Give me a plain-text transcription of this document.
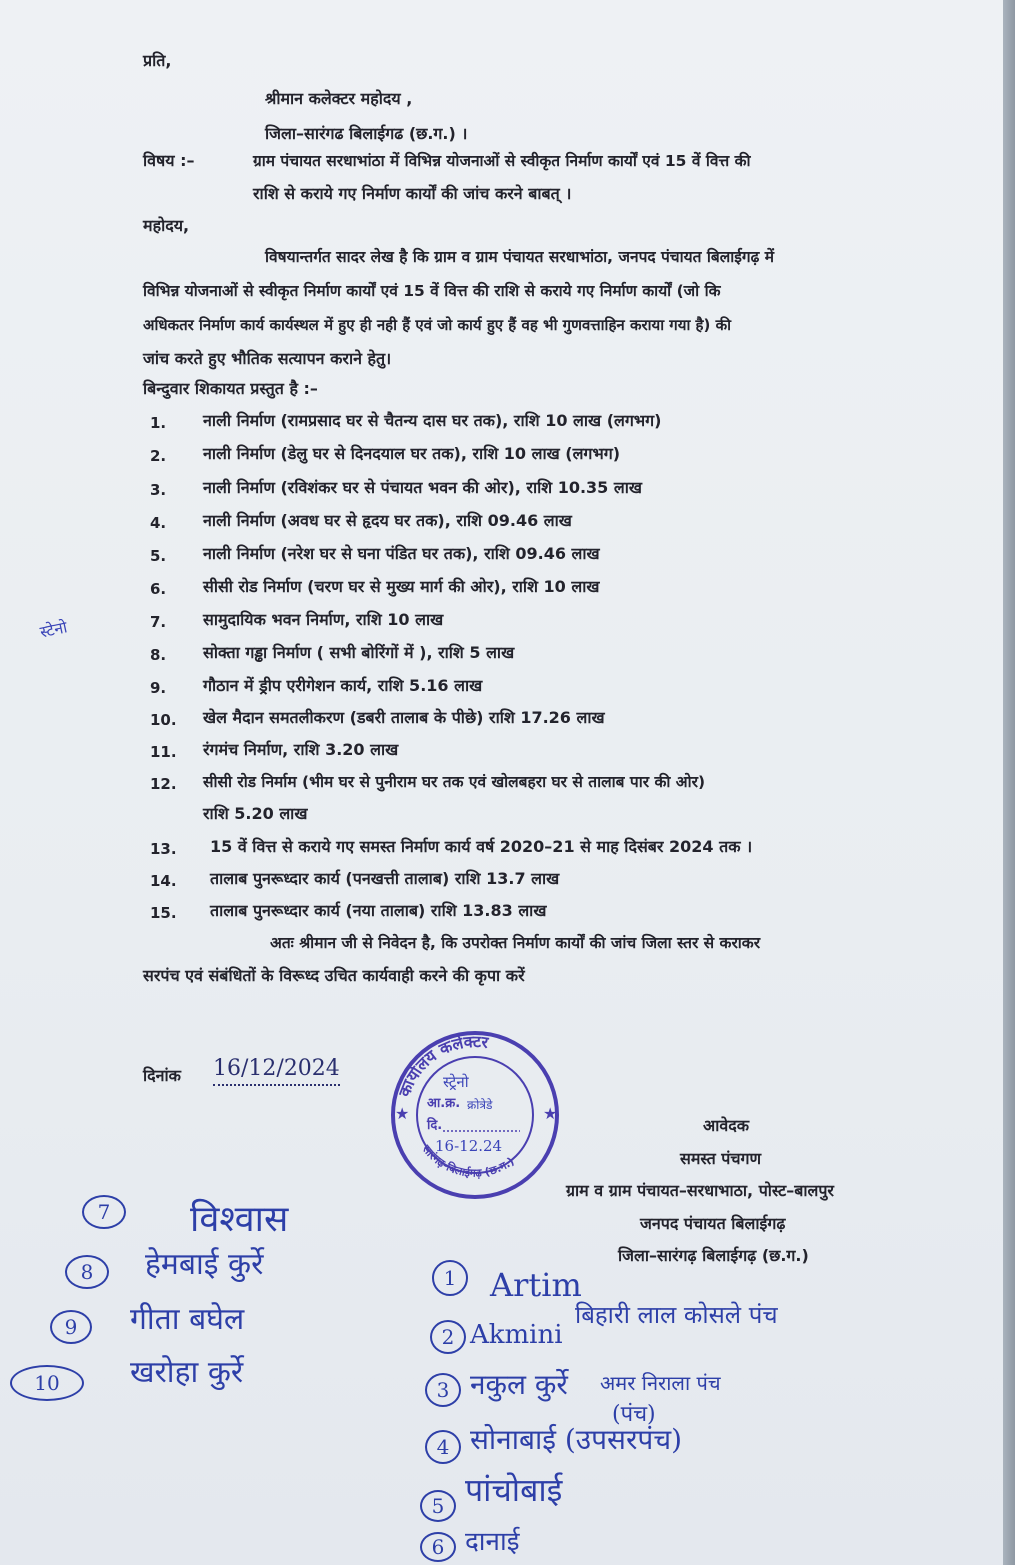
प्रति,
श्रीमान कलेक्टर महोदय ,
जिला–सारंगढ बिलाईगढ (छ.ग.) ।
विषय :–	ग्राम पंचायत सरधाभांठा में विभिन्न योजनाओं से स्वीकृत निर्माण कार्यों एवं 15 वें वित्त की
राशि से कराये गए निर्माण कार्यों की जांच करने बाबत् ।
महोदय,
विषयान्तर्गत सादर लेख है कि ग्राम व ग्राम पंचायत सरधाभांठा, जनपद पंचायत बिलाईगढ़ में
विभिन्न योजनाओं से स्वीकृत निर्माण कार्यों एवं 15 वें वित्त की राशि से कराये गए निर्माण कार्यों (जो कि
अधिकतर निर्माण कार्य कार्यस्थल में हुए ही नही हैं एवं जो कार्य हुए हैं वह भी गुणवत्ताहिन कराया गया है) की
जांच करते हुए भौतिक सत्यापन कराने हेतु।
बिन्दुवार शिकायत प्रस्तुत है :–
1. नाली निर्माण (रामप्रसाद घर से चैतन्य दास घर तक), राशि 10 लाख (लगभग)
2. नाली निर्माण (डेलु घर से दिनदयाल घर तक), राशि 10 लाख (लगभग)
3. नाली निर्माण (रविशंकर घर से पंचायत भवन की ओर), राशि 10.35 लाख
4. नाली निर्माण (अवध घर से हृदय घर तक), राशि 09.46 लाख
5. नाली निर्माण (नरेश घर से घना पंडित घर तक), राशि 09.46 लाख
6. सीसी रोड निर्माण (चरण घर से मुख्य मार्ग की ओर), राशि 10 लाख
7. सामुदायिक भवन निर्माण, राशि 10 लाख
8. सोक्ता गड्ढा निर्माण ( सभी बोरिंगों में ), राशि 5 लाख
9. गौठान में ड्रीप एरीगेशन कार्य, राशि 5.16 लाख
10. खेल मैदान समतलीकरण (डबरी तालाब के पीछे) राशि 17.26 लाख
11. रंगमंच निर्माण, राशि 3.20 लाख
12. सीसी रोड निर्माम (भीम घर से पुनीराम घर तक एवं खोलबहरा घर से तालाब पार की ओर)
राशि 5.20 लाख
13. 15 वें वित्त से कराये गए समस्त निर्माण कार्य वर्ष 2020–21 से माह दिसंबर 2024 तक ।
14. तालाब पुनरूध्दार कार्य (पनखत्ती तालाब) राशि 13.7 लाख
15. तालाब पुनरूध्दार कार्य (नया तालाब) राशि 13.83 लाख
अतः श्रीमान जी से निवेदन है, कि उपरोक्त निर्माण कार्यों की जांच जिला स्तर से कराकर
सरपंच एवं संबंधितों के विरूध्द उचित कार्यवाही करने की कृपा करें
दिनांक 16/12/2024
आवेदक
समस्त पंचगण
ग्राम व ग्राम पंचायत–सरधाभाठा, पोस्ट–बालपुर
जनपद पंचायत बिलाईगढ़
जिला–सारंगढ़ बिलाईगढ़ (छ.ग.)
कार्यालय कलेक्टर
सारंगढ़-बिलाईगढ़ (छ.ग.)
★	★
स्ट्रेनो
आ.क्र. क्रोत्रेडे
दि.
16-12.24
स्टेनो
7	विश्वास
8	हेमबाई कुर्रे
9	गीता बघेल
10	खरोहा कुर्रे
1	Artim
2 Akmini
बिहारी लाल कोसले पंच
3 नकुल कुर्रे अमर निराला पंच
(पंच)
4 सोनाबाई (उपसरपंच)
5 पांचोबाई
6 दानाई
